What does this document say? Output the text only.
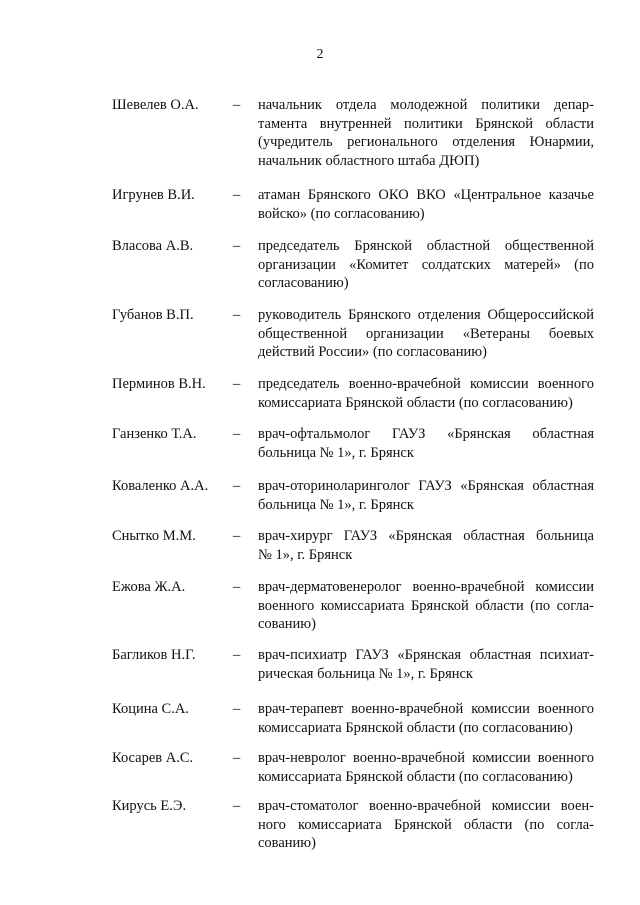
2
Шевелев О.А. – начальник отдела молодежной политики депар-
тамента внутренней политики Брянской области
(учредитель регионального отделения Юнармии,
начальник областного штаба ДЮП)
Игрунев В.И.	– атаман Брянского ОКО ВКО «Центральное казачье
войско» (по согласованию)
Власова А.В.	– председатель Брянской областной общественной
организации «Комитет солдатских матерей» (по
согласованию)
Губанов В.П.	– руководитель Брянского отделения Общероссийской
общественной организации «Ветераны боевых
действий России» (по согласованию)
Перминов В.Н. – председатель военно-врачебной комиссии военного
комиссариата Брянской области (по согласованию)
Ганзенко Т.А.	– врач-офтальмолог ГАУЗ «Брянская областная
больница № 1», г. Брянск
Коваленко А.А. – врач-оториноларинголог ГАУЗ «Брянская областная
больница № 1», г. Брянск
Снытко М.М.	– врач-хирург ГАУЗ «Брянская областная больница
№ 1», г. Брянск
Ежова Ж.А.	– врач-дерматовенеролог военно-врачебной комиссии
военного комиссариата Брянской области (по согла-
сованию)
Багликов Н.Г.	– врач-психиатр ГАУЗ «Брянская областная психиат-
рическая больница № 1», г. Брянск
Коцина С.А.	– врач-терапевт военно-врачебной комиссии военного
комиссариата Брянской области (по согласованию)
Косарев А.С.	– врач-невролог военно-врачебной комиссии военного
комиссариата Брянской области (по согласованию)
Кирусь Е.Э.	– врач-стоматолог военно-врачебной комиссии воен-
ного комиссариата Брянской области (по согла-
сованию)
